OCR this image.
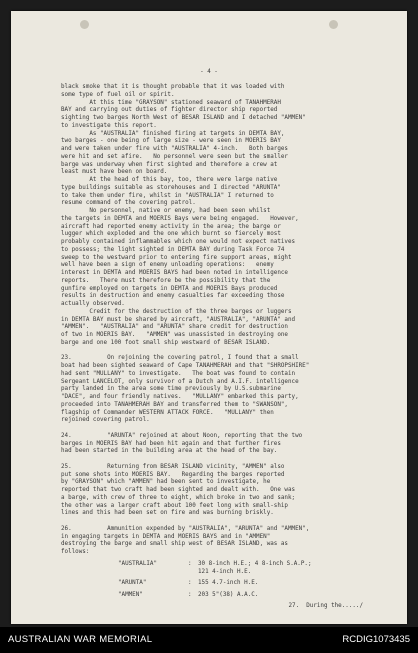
- 4 -
black smoke that it is thought probable that it was loaded with
some type of fuel oil or spirit.
At this time "GRAYSON" stationed seaward of TANAHMERAH
BAY and carrying out duties of fighter director ship reported
sighting two barges North West of BESAR ISLAND and I detached "AMMEN"
to investigate this report.
As "AUSTRALIA" finished firing at targets in DEMTA BAY,
two barges - one being of large size - were seen in MOERIS BAY
and were taken under fire with "AUSTRALIA" 4-inch.   Both barges
were hit and set afire.   No personnel were seen but the smaller
barge was underway when first sighted and therefore a crew at
least must have been on board.
At the head of this bay, too, there were large native
type buildings suitable as storehouses and I directed "ARUNTA"
to take them under fire, whilst in "AUSTRALIA" I returned to
resume command of the covering patrol.
No personnel, native or enemy, had been seen whilst
the targets in DEMTA and MOERIS Bays were being engaged.   However,
aircraft had reported enemy activity in the area; the barge or
lugger which exploded and the one which burnt so fiercely most
probably contained inflammables which one would not expect natives
to possess; the light sighted in DEMTA BAY during Task Force 74
sweep to the westward prior to entering fire support areas, might
well have been a sign of enemy unloading operations:   enemy
interest in DEMTA and MOERIS BAYS had been noted in intelligence
reports.   There must therefore be the possibility that the
gunfire employed on targets in DEMTA and MOERIS Bays produced
results in destruction and enemy casualties far exceeding those
actually observed.
Credit for the destruction of the three barges or luggers
in DEMTA BAY must be shared by aircraft, "AUSTRALIA", "ARUNTA" and
"AMMEN".   "AUSTRALIA" and "ARUNTA" share credit for destruction
of two in MOERIS BAY.   "AMMEN" was unassisted in destroying one
barge and one 100 foot small ship westward of BESAR ISLAND.
23.          On rejoining the covering patrol, I found that a small
boat had been sighted seaward of Cape TANAHMERAH and that "SHROPSHIRE"
had sent "MULLANY" to investigate.   The boat was found to contain
Sergeant LANCELOT, only survivor of a Dutch and A.I.F. intelligence
party landed in the area some time previously by U.S.submarine
"DACE", and four friendly natives.   "MULLANY" embarked this party,
proceeded into TANAHMERAH BAY and transferred them to "SWANSON",
flagship of Commander WESTERN ATTACK FORCE.   "MULLANY" then
rejoined covering patrol.
24.          "ARUNTA" rejoined at about Noon, reporting that the two
barges in MOERIS BAY had been hit again and that further fires
had been started in the building area at the head of the bay.
25.          Returning from BESAR ISLAND vicinity, "AMMEN" also
put some shots into MOERIS BAY.   Regarding the barges reported
by "GRAYSON" which "AMMEN" had been sent to investigate, he
reported that two craft had been sighted and dealt with.   One was
a barge, with crew of three to eight, which broke in two and sank;
the other was a larger craft about 100 feet long with small-ship
lines and this had been set on fire and was burning briskly.
26.          Ammunition expended by "AUSTRALIA", "ARUNTA" and "AMMEN",
in engaging targets in DEMTA and MOERIS BAYS and in "AMMEN"
destroying the barge and small ship west of BESAR ISLAND, was as
follows:
"AUSTRALIA"	: 30 8-inch H.E.; 4 8-inch S.A.P.;
121 4-inch H.E.
"ARUNTA"	: 155 4.7-inch H.E.
"AMMEN"	: 203 5"(38) A.A.C.
27.  During the...../
AUSTRALIAN WAR MEMORIAL	RCDIG1073435
